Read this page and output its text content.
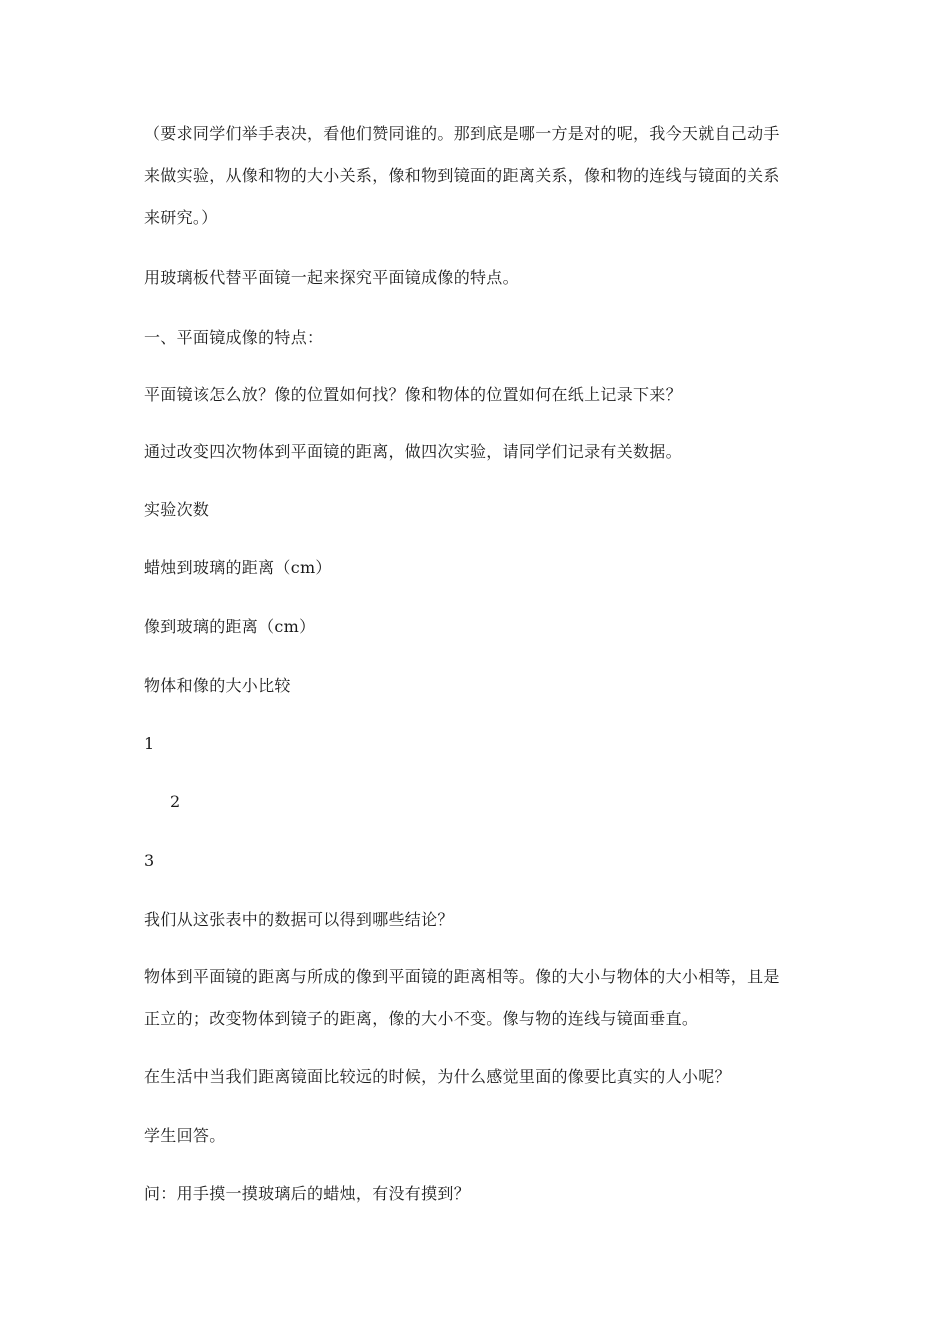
（要求同学们举手表决，看他们赞同谁的。那到底是哪一方是对的呢，我今天就自己动手
来做实验，从像和物的大小关系，像和物到镜面的距离关系，像和物的连线与镜面的关系
来研究。）
用玻璃板代替平面镜一起来探究平面镜成像的特点。
一、平面镜成像的特点：
平面镜该怎么放？像的位置如何找？像和物体的位置如何在纸上记录下来？
通过改变四次物体到平面镜的距离，做四次实验，请同学们记录有关数据。
实验次数
蜡烛到玻璃的距离（cm）
像到玻璃的距离（cm）
物体和像的大小比较
1
2
3
我们从这张表中的数据可以得到哪些结论？
物体到平面镜的距离与所成的像到平面镜的距离相等。像的大小与物体的大小相等，且是
正立的；改变物体到镜子的距离，像的大小不变。像与物的连线与镜面垂直。
在生活中当我们距离镜面比较远的时候，为什么感觉里面的像要比真实的人小呢？
学生回答。
问：用手摸一摸玻璃后的蜡烛，有没有摸到？
